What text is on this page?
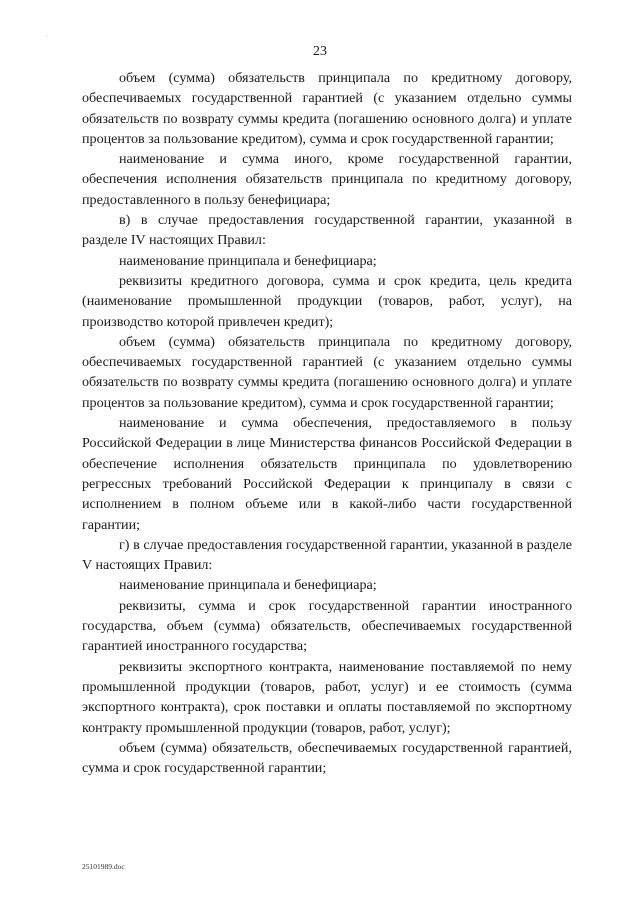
23

объем (сумма) обязательств принципала по кредитному договору, обеспечиваемых государственной гарантией (с указанием отдельно суммы обязательств по возврату суммы кредита (погашению основного долга) и уплате процентов за пользование кредитом), сумма и срок государственной гарантии;

наименование и сумма иного, кроме государственной гарантии, обеспечения исполнения обязательств принципала по кредитному договору, предоставленного в пользу бенефициара;

в) в случае предоставления государственной гарантии, указанной в разделе IV настоящих Правил:

наименование принципала и бенефициара;

реквизиты кредитного договора, сумма и срок кредита, цель кредита (наименование промышленной продукции (товаров, работ, услуг), на производство которой привлечен кредит);

объем (сумма) обязательств принципала по кредитному договору, обеспечиваемых государственной гарантией (с указанием отдельно суммы обязательств по возврату суммы кредита (погашению основного долга) и уплате процентов за пользование кредитом), сумма и срок государственной гарантии;

наименование и сумма обеспечения, предоставляемого в пользу Российской Федерации в лице Министерства финансов Российской Федерации в обеспечение исполнения обязательств принципала по удовлетворению регрессных требований Российской Федерации к принципалу в связи с исполнением в полном объеме или в какой-либо части государственной гарантии;

г) в случае предоставления государственной гарантии, указанной в разделе V настоящих Правил:

наименование принципала и бенефициара;

реквизиты, сумма и срок государственной гарантии иностранного государства, объем (сумма) обязательств, обеспечиваемых государственной гарантией иностранного государства;

реквизиты экспортного контракта, наименование поставляемой по нему промышленной продукции (товаров, работ, услуг) и ее стоимость (сумма экспортного контракта), срок поставки и оплаты поставляемой по экспортному контракту промышленной продукции (товаров, работ, услуг);

объем (сумма) обязательств, обеспечиваемых государственной гарантией, сумма и срок государственной гарантии;

25101989.doc
